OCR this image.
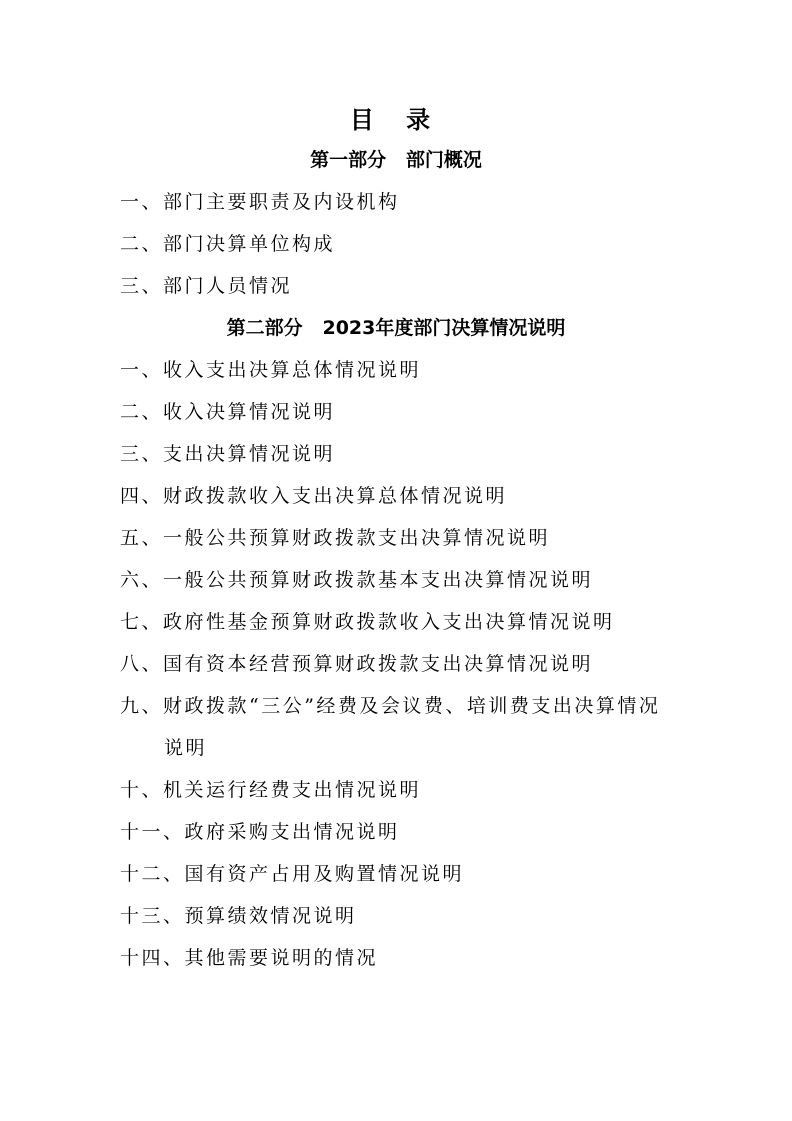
目 录
第一部分   部门概况
一、部门主要职责及内设机构
二、部门决算单位构成
三、部门人员情况
第二部分   2023年度部门决算情况说明
一、收入支出决算总体情况说明
二、收入决算情况说明
三、支出决算情况说明
四、财政拨款收入支出决算总体情况说明
五、一般公共预算财政拨款支出决算情况说明
六、一般公共预算财政拨款基本支出决算情况说明
七、政府性基金预算财政拨款收入支出决算情况说明
八、国有资本经营预算财政拨款支出决算情况说明
九、财政拨款“三公”经费及会议费、培训费支出决算情况
说明
十、机关运行经费支出情况说明
十一、政府采购支出情况说明
十二、国有资产占用及购置情况说明
十三、预算绩效情况说明
十四、其他需要说明的情况
